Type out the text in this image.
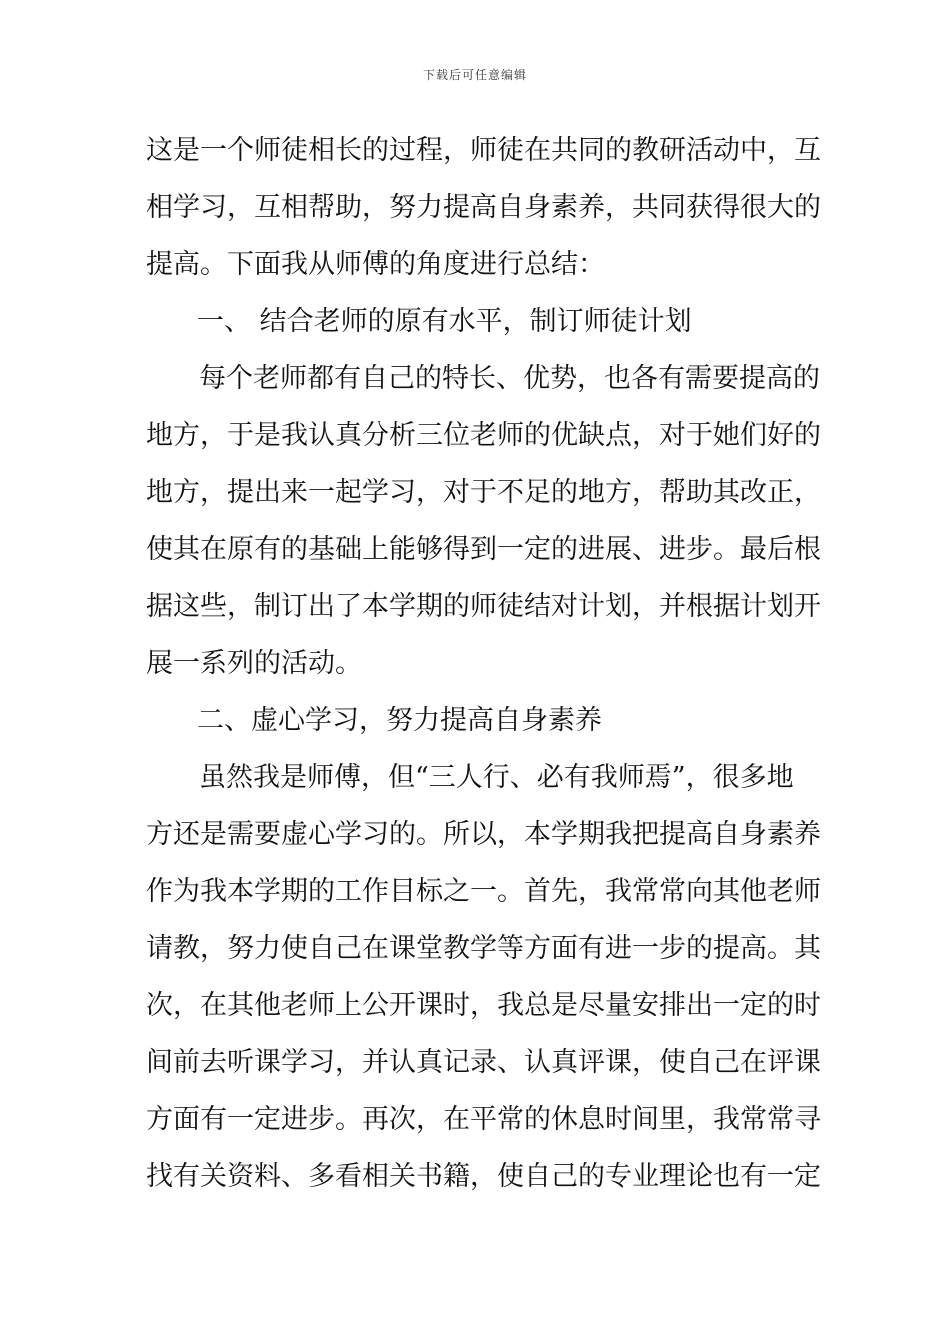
下载后可任意编辑
这是一个师徒相长的过程，师徒在共同的教研活动中，互
相学习，互相帮助，努力提高自身素养，共同获得很大的
提高。下面我从师傅的角度进行总结：
一、 结合老师的原有水平，制订师徒计划
每个老师都有自己的特长、优势，也各有需要提高的
地方，于是我认真分析三位老师的优缺点，对于她们好的
地方，提出来一起学习，对于不足的地方，帮助其改正，
使其在原有的基础上能够得到一定的进展、进步。最后根
据这些，制订出了本学期的师徒结对计划，并根据计划开
展一系列的活动。
二、虚心学习，努力提高自身素养
虽然我是师傅，但“三人行、必有我师焉”，很多地
方还是需要虚心学习的。所以，本学期我把提高自身素养
作为我本学期的工作目标之一。首先，我常常向其他老师
请教，努力使自己在课堂教学等方面有进一步的提高。其
次，在其他老师上公开课时，我总是尽量安排出一定的时
间前去听课学习，并认真记录、认真评课，使自己在评课
方面有一定进步。再次，在平常的休息时间里，我常常寻
找有关资料、多看相关书籍，使自己的专业理论也有一定
